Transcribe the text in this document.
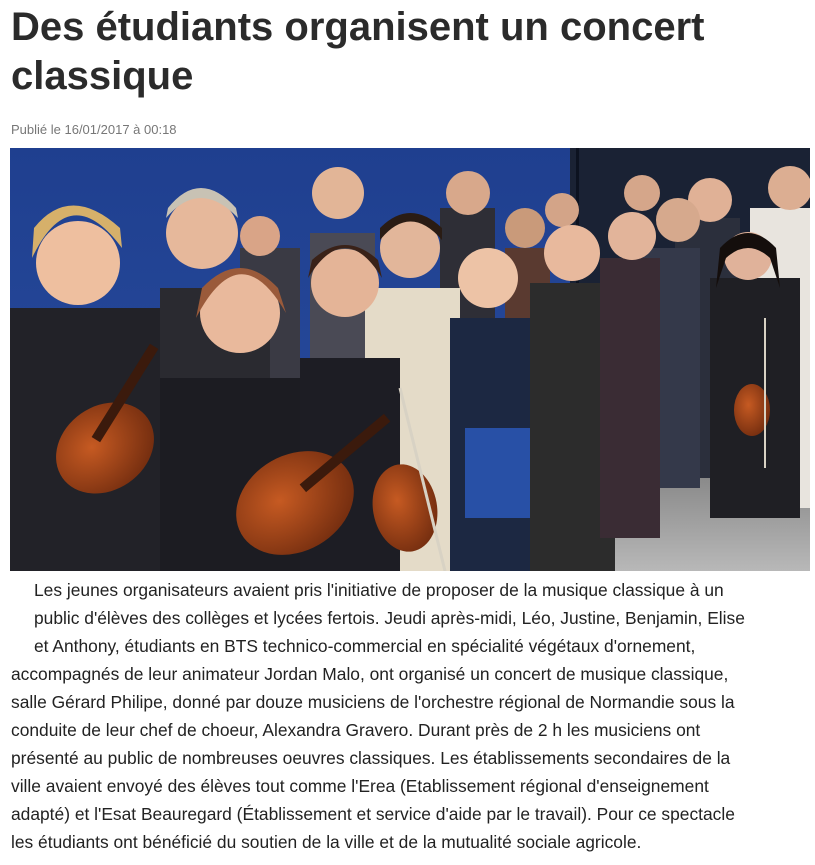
Des étudiants organisent un concert classique
Publié le 16/01/2017 à 00:18
Les jeunes organisateurs avaient pris l'initiative de proposer de la musique classique à un
public d'élèves des collèges et lycées fertois. Jeudi après-midi, Léo, Justine, Benjamin, Elise
et Anthony, étudiants en BTS technico-commercial en spécialité végétaux d'ornement,
accompagnés de leur animateur Jordan Malo, ont organisé un concert de musique classique,
salle Gérard Philipe, donné par douze musiciens de l'orchestre régional de Normandie sous la
conduite de leur chef de choeur, Alexandra Gravero. Durant près de 2 h les musiciens ont
présenté au public de nombreuses oeuvres classiques. Les établissements secondaires de la
ville avaient envoyé des élèves tout comme l'Erea (Etablissement régional d'enseignement
adapté) et l'Esat Beauregard (Établissement et service d'aide par le travail). Pour ce spectacle
les étudiants ont bénéficié du soutien de la ville et de la mutualité sociale agricole.
